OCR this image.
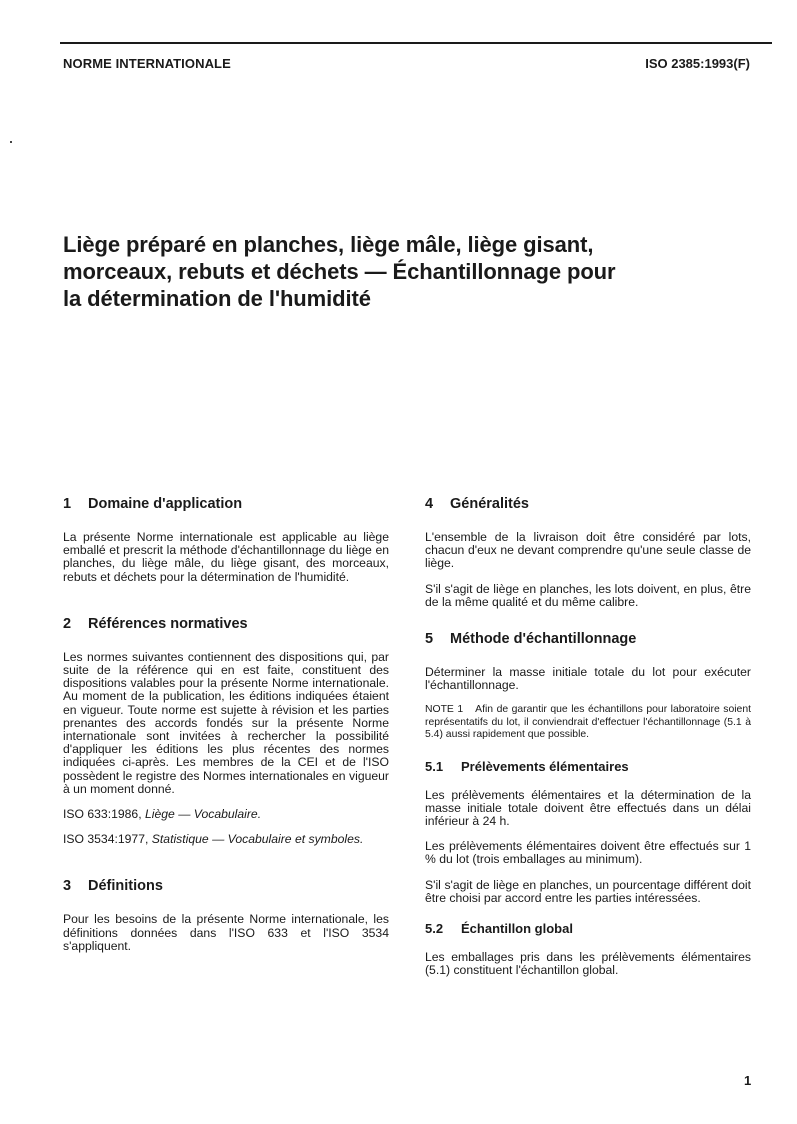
NORME INTERNATIONALE	ISO 2385:1993(F)
Liège préparé en planches, liège mâle, liège gisant,
morceaux, rebuts et déchets — Échantillonnage pour
la détermination de l'humidité
1 Domaine d'application

La présente Norme internationale est applicable au liège emballé et prescrit la méthode d'échantillonnage du liège en planches, du liège mâle, du liège gisant, des morceaux, rebuts et déchets pour la détermination de l'humidité.

2 Références normatives

Les normes suivantes contiennent des dispositions qui, par suite de la référence qui en est faite, constituent des dispositions valables pour la présente Norme internationale. Au moment de la publication, les éditions indiquées étaient en vigueur. Toute norme est sujette à révision et les parties prenantes des accords fondés sur la présente Norme internationale sont invitées à rechercher la possibilité d'appliquer les éditions les plus récentes des normes indiquées ci-après. Les membres de la CEI et de l'ISO possèdent le registre des Normes internationales en vigueur à un moment donné.

ISO 633:1986, Liège — Vocabulaire.

ISO 3534:1977, Statistique — Vocabulaire et symboles.

3 Définitions

Pour les besoins de la présente Norme internationale, les définitions données dans l'ISO 633 et l'ISO 3534 s'appliquent.

4 Généralités

L'ensemble de la livraison doit être considéré par lots, chacun d'eux ne devant comprendre qu'une seule classe de liège.

S'il s'agit de liège en planches, les lots doivent, en plus, être de la même qualité et du même calibre.

5 Méthode d'échantillonnage

Déterminer la masse initiale totale du lot pour exécuter l'échantillonnage.

NOTE 1 Afin de garantir que les échantillons pour laboratoire soient représentatifs du lot, il conviendrait d'effectuer l'échantillonnage (5.1 à 5.4) aussi rapidement que possible.

5.1 Prélèvements élémentaires

Les prélèvements élémentaires et la détermination de la masse initiale totale doivent être effectués dans un délai inférieur à 24 h.

Les prélèvements élémentaires doivent être effectués sur 1 % du lot (trois emballages au minimum).

S'il s'agit de liège en planches, un pourcentage différent doit être choisi par accord entre les parties intéressées.

5.2 Échantillon global

Les emballages pris dans les prélèvements élémentaires (5.1) constituent l'échantillon global.

1
